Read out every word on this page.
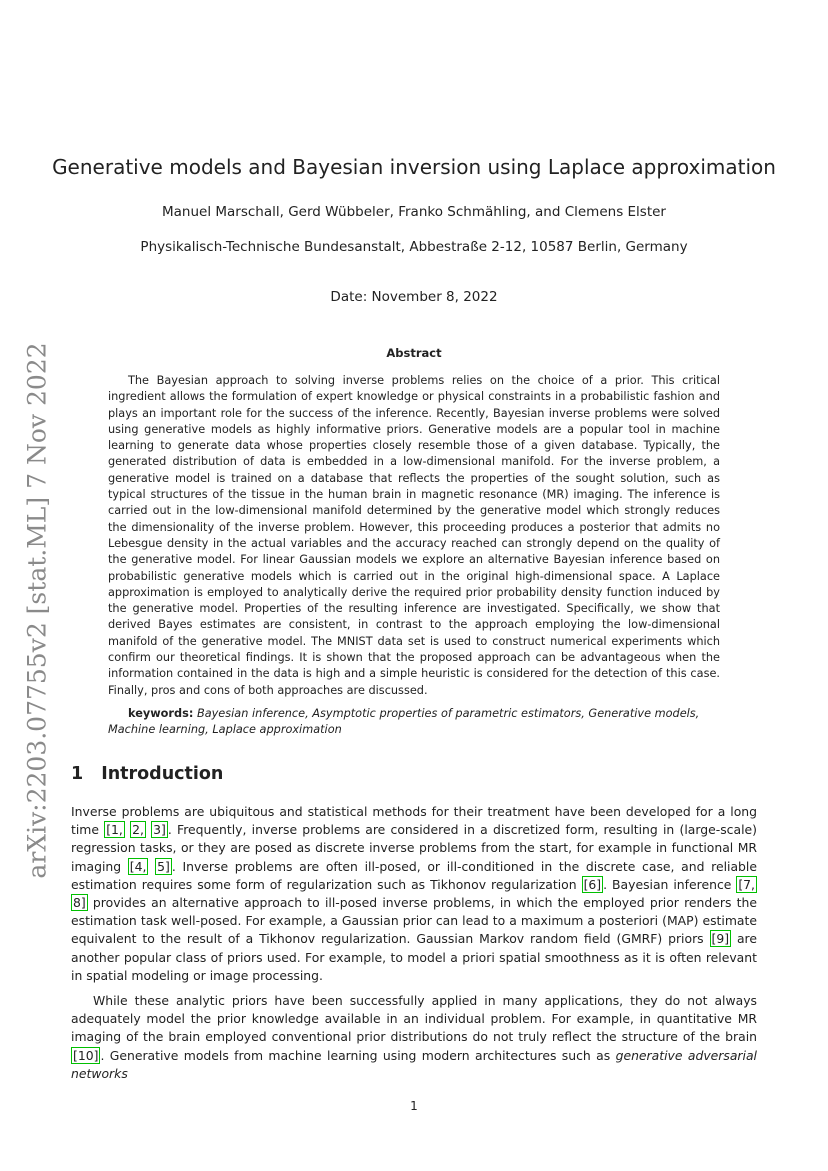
arXiv:2203.07755v2 [stat.ML] 7 Nov 2022
Generative models and Bayesian inversion using Laplace approximation
Manuel Marschall, Gerd Wübbeler, Franko Schmähling, and Clemens Elster
Physikalisch-Technische Bundesanstalt, Abbestraße 2-12, 10587 Berlin, Germany
Date: November 8, 2022
Abstract

The Bayesian approach to solving inverse problems relies on the choice of a prior. This critical ingredient allows the formulation of expert knowledge or physical constraints in a probabilistic fashion and plays an important role for the success of the inference. Recently, Bayesian inverse problems were solved using generative models as highly informative priors. Generative models are a popular tool in machine learning to generate data whose properties closely resemble those of a given database. Typically, the generated distribution of data is embedded in a low-dimensional manifold. For the inverse problem, a generative model is trained on a database that reflects the properties of the sought solution, such as typical structures of the tissue in the human brain in magnetic resonance (MR) imaging. The inference is carried out in the low-dimensional manifold determined by the generative model which strongly reduces the dimensionality of the inverse problem. However, this proceeding produces a posterior that admits no Lebesgue density in the actual variables and the accuracy reached can strongly depend on the quality of the generative model. For linear Gaussian models we explore an alternative Bayesian inference based on probabilistic generative models which is carried out in the original high-dimensional space. A Laplace approximation is employed to analytically derive the required prior probability density function induced by the generative model. Properties of the resulting inference are investigated. Specifically, we show that derived Bayes estimates are consistent, in contrast to the approach employing the low-dimensional manifold of the generative model. The MNIST data set is used to construct numerical experiments which confirm our theoretical findings. It is shown that the proposed approach can be advantageous when the information contained in the data is high and a simple heuristic is considered for the detection of this case. Finally, pros and cons of both approaches are discussed.

keywords: Bayesian inference, Asymptotic properties of parametric estimators, Generative models, Machine learning, Laplace approximation

1 Introduction

Inverse problems are ubiquitous and statistical methods for their treatment have been developed for a long time [1, 2, 3] . Frequently, inverse problems are considered in a discretized form, resulting in (large-scale) regression tasks, or they are posed as discrete inverse problems from the start, for example in functional MR imaging [4, 5] . Inverse problems are often ill-posed, or ill-conditioned in the discrete case, and reliable estimation requires some form of regularization such as Tikhonov regularization [6] . Bayesian inference [7, 8] provides an alternative approach to ill-posed inverse problems, in which the employed prior renders the estimation task well-posed. For example, a Gaussian prior can lead to a maximum a posteriori (MAP) estimate equivalent to the result of a Tikhonov regularization. Gaussian Markov random field (GMRF) priors [9] are another popular class of priors used. For example, to model a priori spatial smoothness as it is often relevant in spatial modeling or image processing.

While these analytic priors have been successfully applied in many applications, they do not always adequately model the prior knowledge available in an individual problem. For example, in quantitative MR imaging of the brain employed conventional prior distributions do not truly reflect the structure of the brain [10] . Generative models from machine learning using modern architectures such as generative adversarial networks

1
